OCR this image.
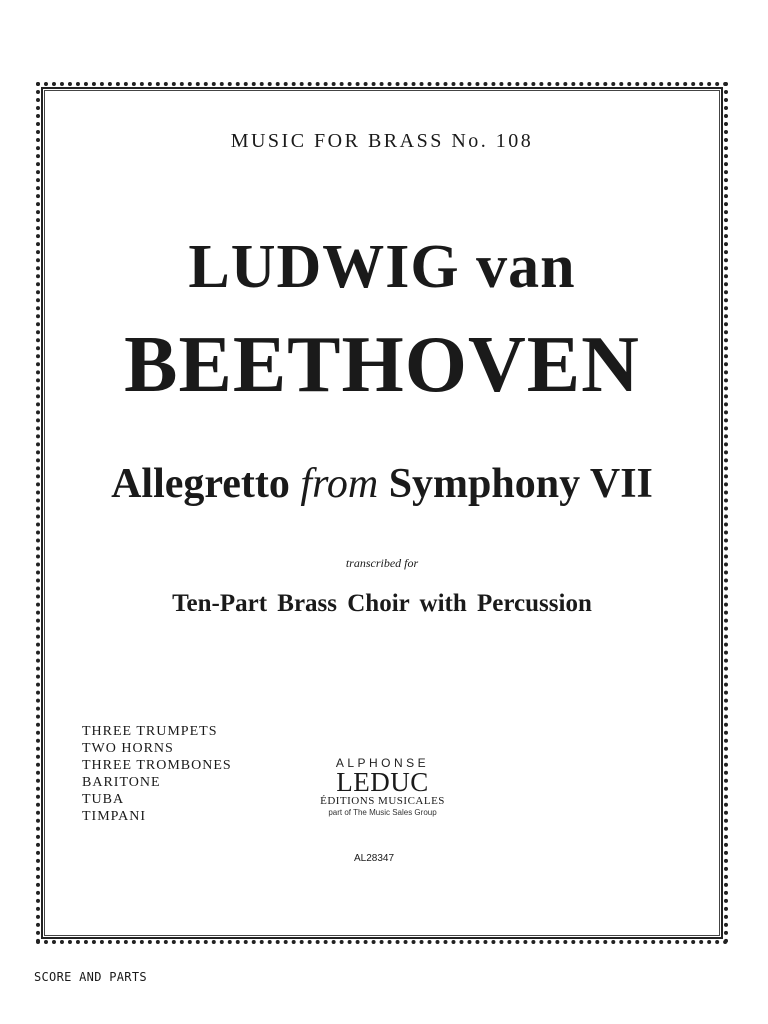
MUSIC FOR BRASS No. 108
LUDWIG van
BEETHOVEN
Allegretto from Symphony VII
transcribed for
Ten-Part Brass Choir with Percussion
THREE TRUMPETS
TWO HORNS
THREE TROMBONES
BARITONE
TUBA
TIMPANI
ALPHONSE
LEDUC
ÉDITIONS MUSICALES
part of The Music Sales Group
AL28347
SCORE AND PARTS
